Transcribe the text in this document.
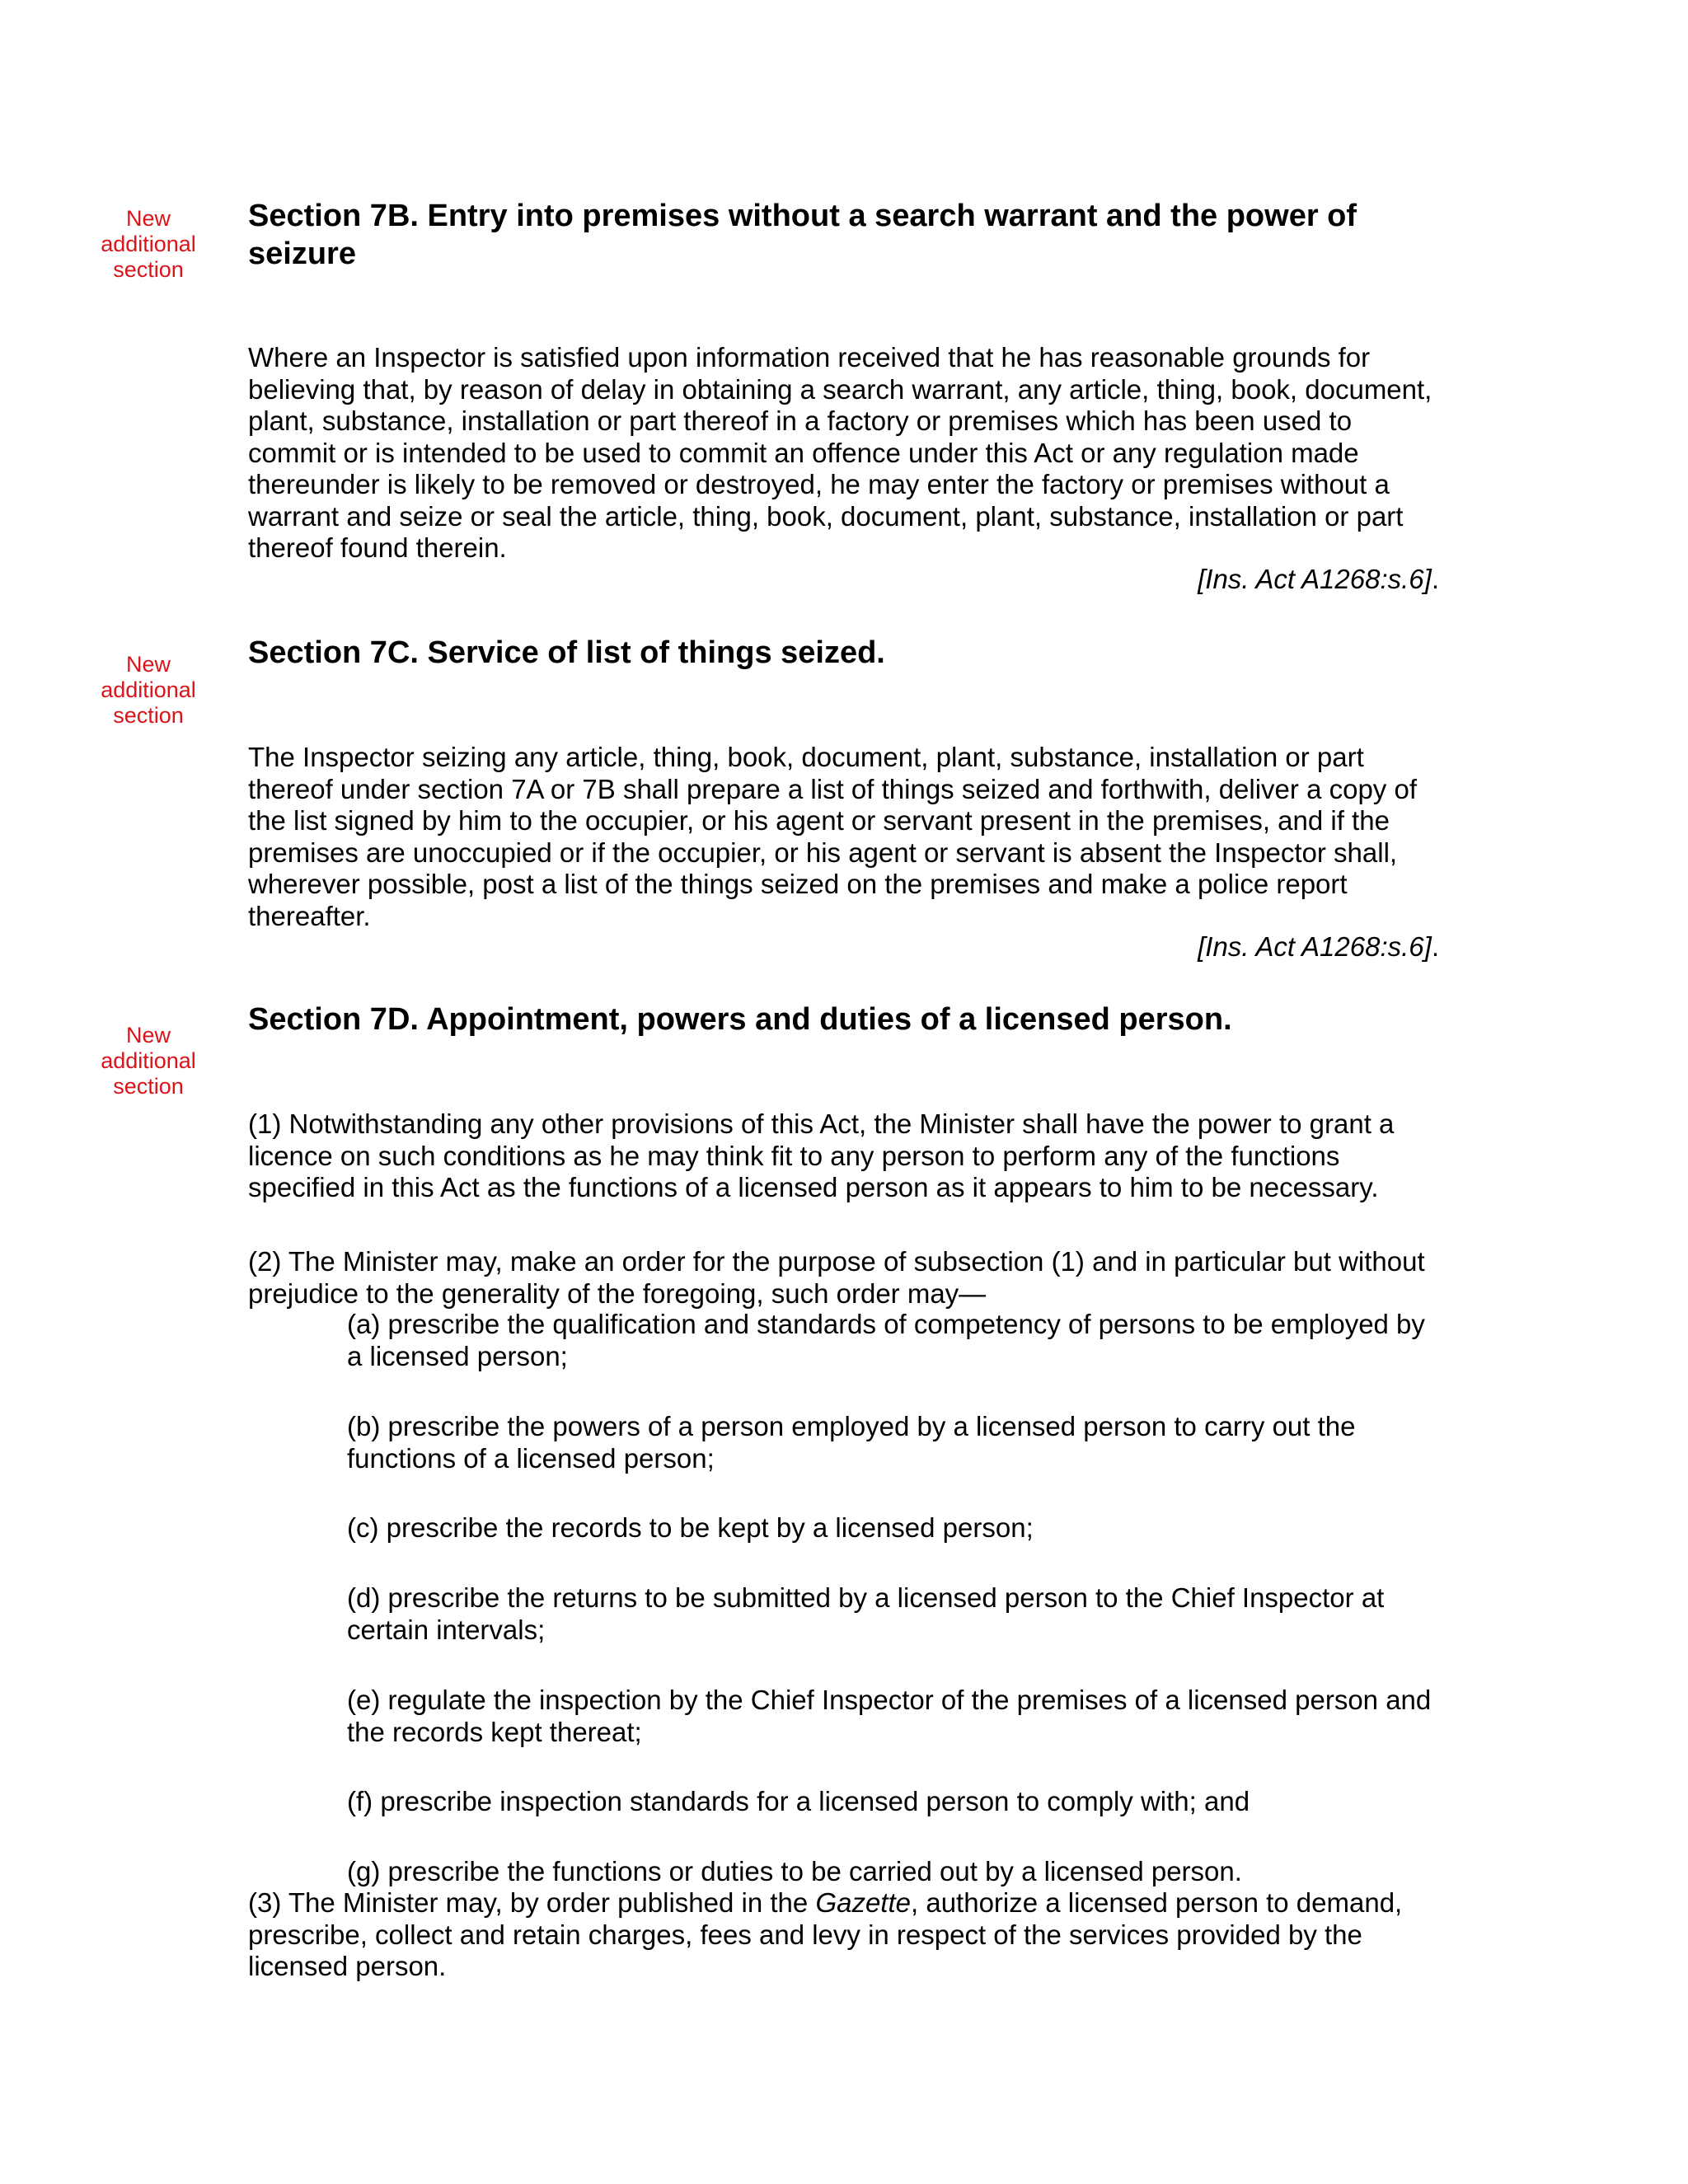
New
additional
section
Section 7B. Entry into premises without a search warrant and the power of seizure

Where an Inspector is satisfied upon information received that he has reasonable grounds for believing that, by reason of delay in obtaining a search warrant, any article, thing, book, document, plant, substance, installation or part thereof in a factory or premises which has been used to commit or is intended to be used to commit an offence under this Act or any regulation made thereunder is likely to be removed or destroyed, he may enter the factory or premises without a warrant and seize or seal the article, thing, book, document, plant, substance, installation or part thereof found therein.

[Ins. Act A1268:s.6].

New
additional
section
Section 7C. Service of list of things seized.

The Inspector seizing any article, thing, book, document, plant, substance, installation or part thereof under section 7A or 7B shall prepare a list of things seized and forthwith, deliver a copy of the list signed by him to the occupier, or his agent or servant present in the premises, and if the premises are unoccupied or if the occupier, or his agent or servant is absent the Inspector shall, wherever possible, post a list of the things seized on the premises and make a police report thereafter.

[Ins. Act A1268:s.6].

New
additional
section
Section 7D. Appointment, powers and duties of a licensed person.

(1) Notwithstanding any other provisions of this Act, the Minister shall have the power to grant a licence on such conditions as he may think fit to any person to perform any of the functions specified in this Act as the functions of a licensed person as it appears to him to be necessary.

(2) The Minister may, make an order for the purpose of subsection (1) and in particular but without prejudice to the generality of the foregoing, such order may—

(a) prescribe the qualification and standards of competency of persons to be employed by a licensed person;

(b) prescribe the powers of a person employed by a licensed person to carry out the functions of a licensed person;

(c) prescribe the records to be kept by a licensed person;

(d) prescribe the returns to be submitted by a licensed person to the Chief Inspector at certain intervals;

(e) regulate the inspection by the Chief Inspector of the premises of a licensed person and the records kept thereat;

(f) prescribe inspection standards for a licensed person to comply with; and

(g) prescribe the functions or duties to be carried out by a licensed person.

(3) The Minister may, by order published in the Gazette, authorize a licensed person to demand, prescribe, collect and retain charges, fees and levy in respect of the services provided by the licensed person.
